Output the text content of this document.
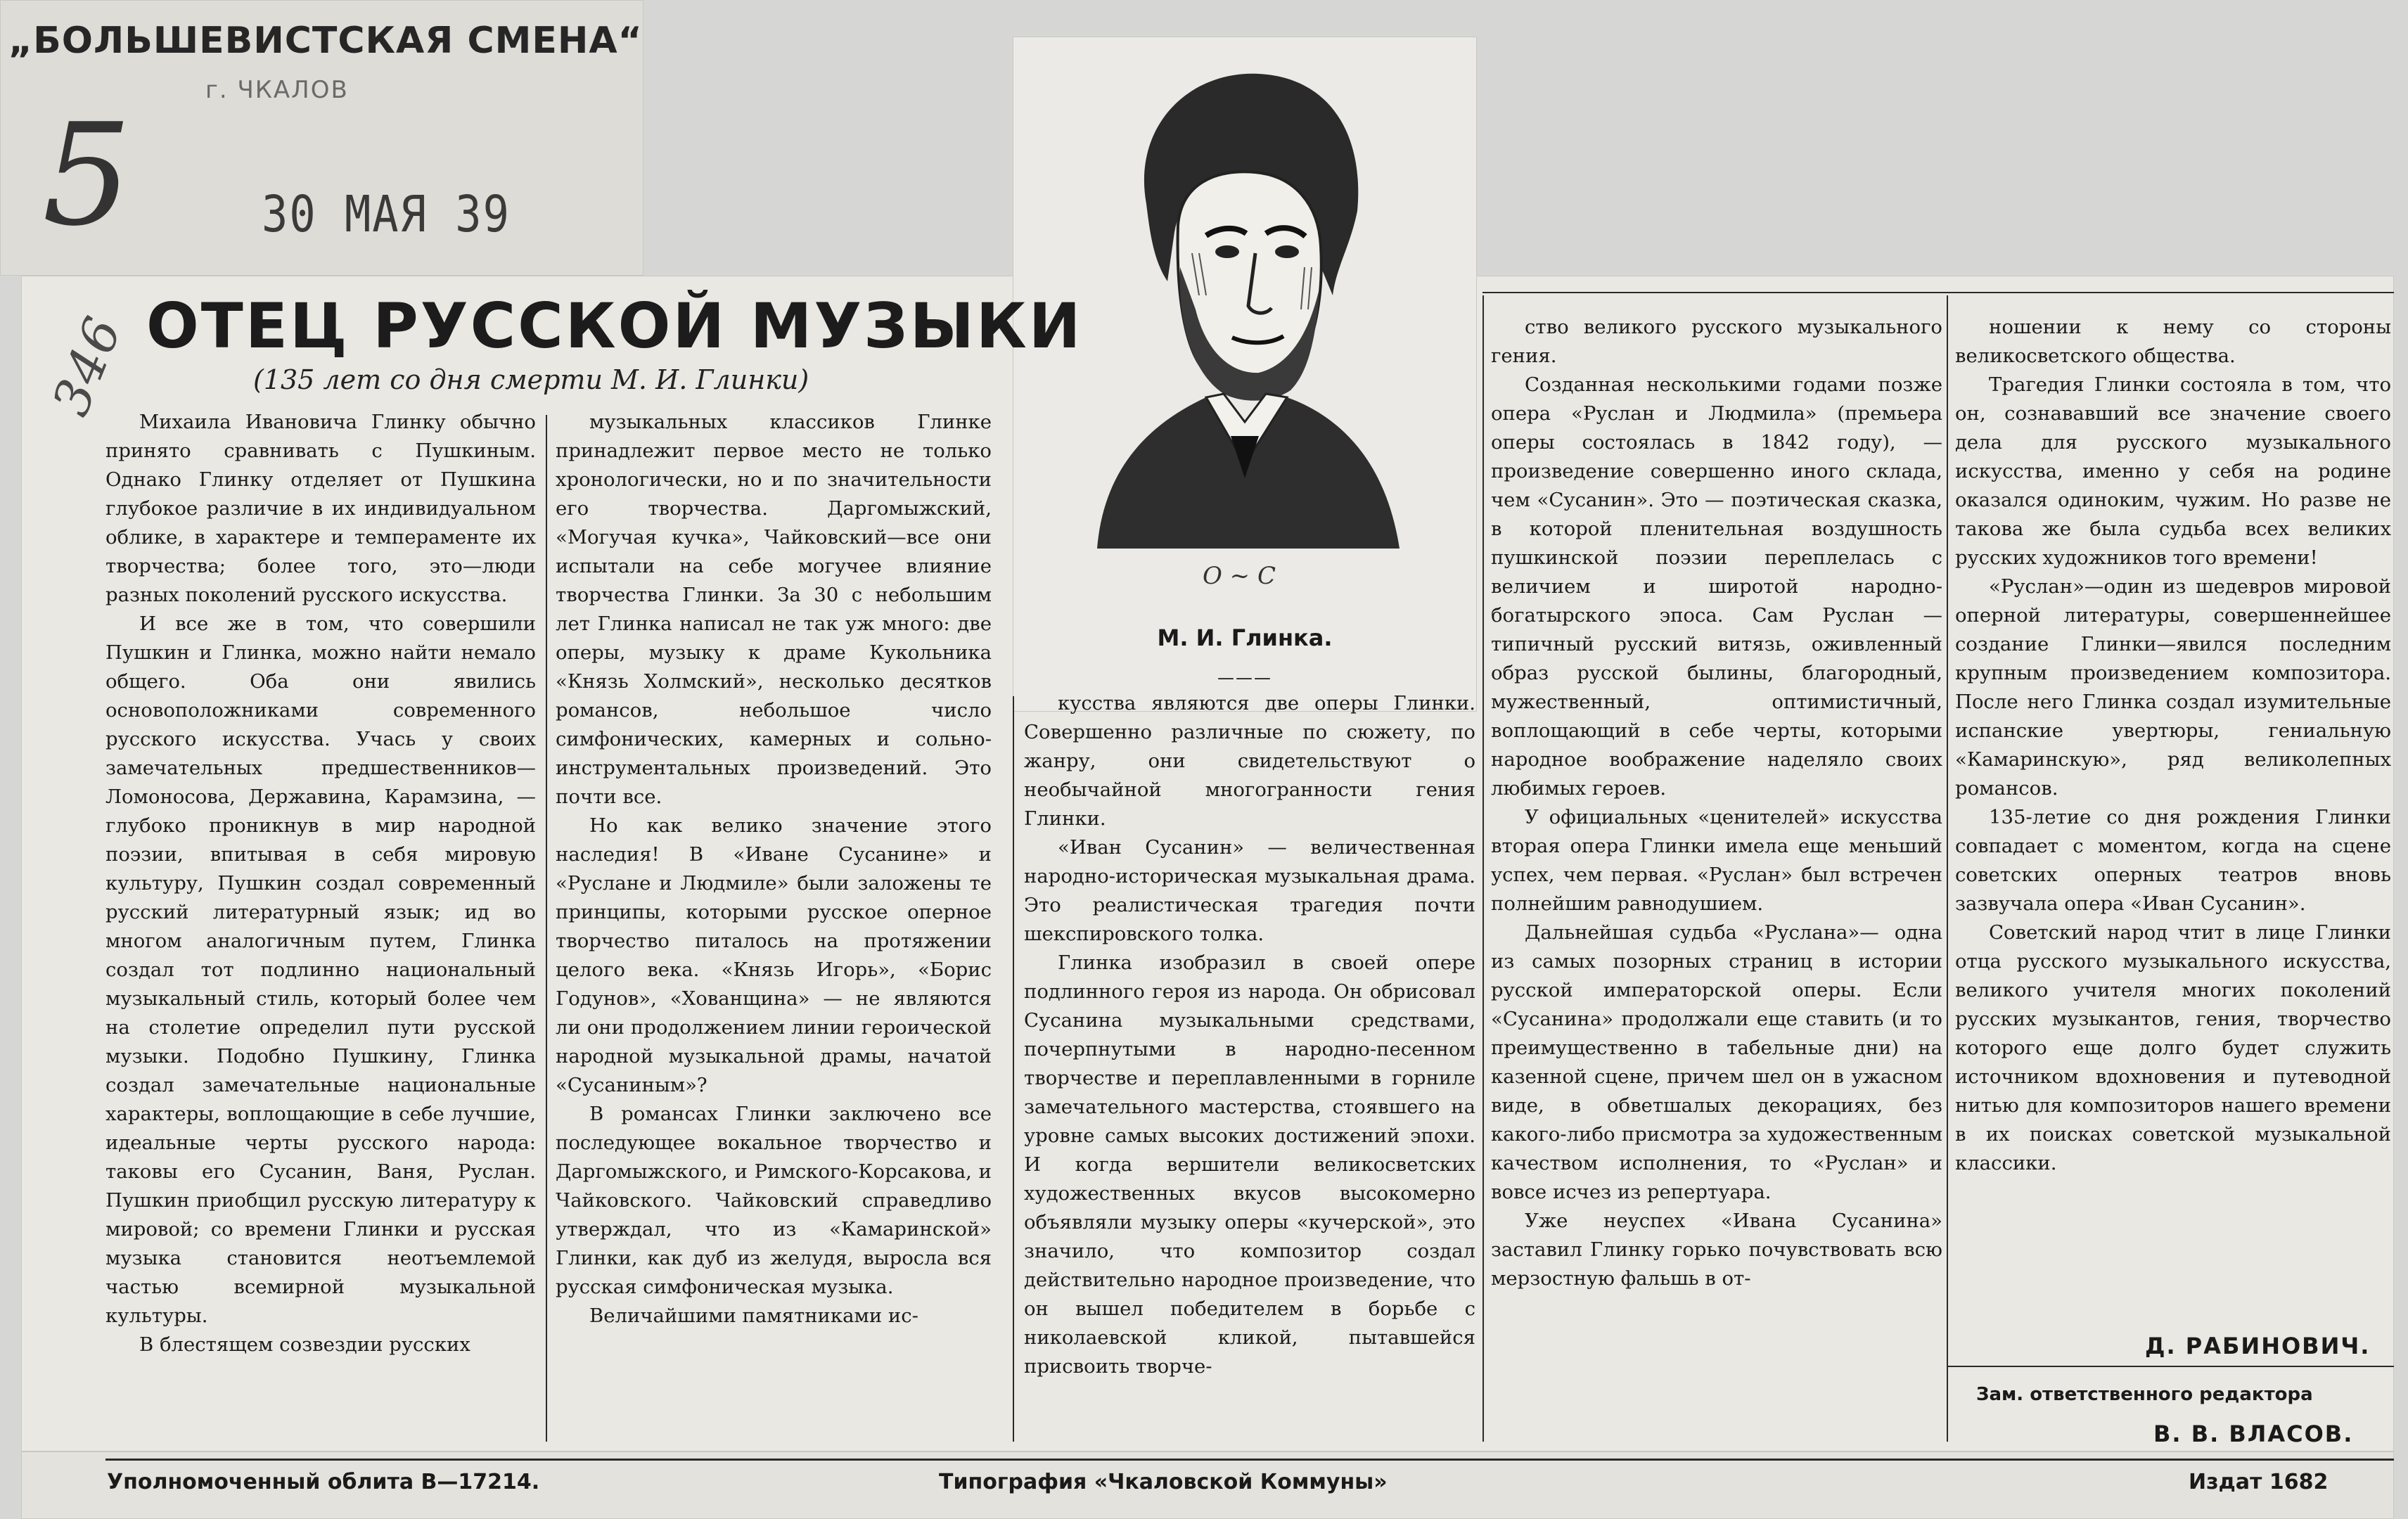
„БОЛЬШЕВИСТСКАЯ СМЕНА“
г. ЧКАЛОВ
5	30 МАЯ 39
346 ОТЕЦ РУССКОЙ МУЗЫКИ
(135 лет со дня смерти М. И. Глинки)
O ~ C
М. И. Глинка.
———

Михаила Ивановича Глинку обычно принято сравнивать с Пушкиным. Однако Глинку отделяет от Пушкина глубокое различие в их индивидуальном облике, в характере и темпераменте их творчества; более того, это—люди разных поколений русского искусства.

И все же в том, что совершили Пушкин и Глинка, можно найти немало общего. Оба они явились основоположниками современного русского искусства. Учась у своих замечательных предшественников—Ломоносова, Державина, Карамзина, — глубоко проникнув в мир народной поэзии, впитывая в себя мировую культуру, Пушкин создал современный русский литературный язык; ид во многом аналогичным путем, Глинка создал тот подлинно национальный музыкальный стиль, который более чем на столетие определил пути русской музыки. Подобно Пушкину, Глинка создал замечательные национальные характеры, воплощающие в себе лучшие, идеальные черты русского народа: таковы его Сусанин, Ваня, Руслан. Пушкин приобщил русскую литературу к мировой; со времени Глинки и русская музыка становится неотъемлемой частью всемирной музыкальной культуры.

В блестящем созвездии русских

музыкальных классиков Глинке принадлежит первое место не только хронологически, но и по значительности его творчества. Даргомыжский, «Могучая кучка», Чайковский—все они испытали на себе могучее влияние творчества Глинки. За 30 с небольшим лет Глинка написал не так уж много: две оперы, музыку к драме Кукольника «Князь Холмский», несколько десятков романсов, небольшое число симфонических, камерных и сольно-инструментальных произведений. Это почти все.

Но как велико значение этого наследия! В «Иване Сусанине» и «Руслане и Людмиле» были заложены те принципы, которыми русское оперное творчество питалось на протяжении целого века. «Князь Игорь», «Борис Годунов», «Хованщина» — не являются ли они продолжением линии героической народной музыкальной драмы, начатой «Сусаниным»?

В романсах Глинки заключено все последующее вокальное творчество и Даргомыжского, и Римского-Корсакова, и Чайковского. Чайковский справедливо утверждал, что из «Камаринской» Глинки, как дуб из желудя, выросла вся русская симфоническая музыка.

Величайшими памятниками ис-

кусства являются две оперы Глинки. Совершенно различные по сюжету, по жанру, они свидетельствуют о необычайной многогранности гения Глинки.

«Иван Сусанин» — величественная народно-историческая музыкальная драма. Это реалистическая трагедия почти шекспировского толка.

Глинка изобразил в своей опере подлинного героя из народа. Он обрисовал Сусанина музыкальными средствами, почерпнутыми в народно-песенном творчестве и переплавленными в горниле замечательного мастерства, стоявшего на уровне самых высоких достижений эпохи. И когда вершители великосветских художественных вкусов высокомерно объявляли музыку оперы «кучерской», это значило, что композитор создал действительно народное произведение, что он вышел победителем в борьбе с николаевской кликой, пытавшейся присвоить творче-

ство великого русского музыкального гения.

Созданная несколькими годами позже опера «Руслан и Людмила» (премьера оперы состоялась в 1842 году), — произведение совершенно иного склада, чем «Сусанин». Это — поэтическая сказка, в которой пленительная воздушность пушкинской поэзии переплелась с величием и широтой народно-богатырского эпоса. Сам Руслан — типичный русский витязь, оживленный образ русской былины, благородный, мужественный, оптимистичный, воплощающий в себе черты, которыми народное воображение наделяло своих любимых героев.

У официальных «ценителей» искусства вторая опера Глинки имела еще меньший успех, чем первая. «Руслан» был встречен полнейшим равнодушием.

Дальнейшая судьба «Руслана»— одна из самых позорных страниц в истории русской императорской оперы. Если «Сусанина» продолжали еще ставить (и то преимущественно в табельные дни) на казенной сцене, причем шел он в ужасном виде, в обветшалых декорациях, без какого-либо присмотра за художественным качеством исполнения, то «Руслан» и вовсе исчез из репертуара.

Уже неуспех «Ивана Сусанина» заставил Глинку горько почувствовать всю мерзостную фальшь в от-

ношении к нему со стороны великосветского общества.

Трагедия Глинки состояла в том, что он, сознававший все значение своего дела для русского музыкального искусства, именно у себя на родине оказался одиноким, чужим. Но разве не такова же была судьба всех великих русских художников того времени!

«Руслан»—один из шедевров мировой оперной литературы, совершеннейшее создание Глинки—явился последним крупным произведением композитора. После него Глинка создал изумительные испанские увертюры, гениальную «Камаринскую», ряд великолепных романсов.

135-летие со дня рождения Глинки совпадает с моментом, когда на сцене советских оперных театров вновь зазвучала опера «Иван Сусанин».

Советский народ чтит в лице Глинки отца русского музыкального искусства, великого учителя многих поколений русских музыкантов, гения, творчество которого еще долго будет служить источником вдохновения и путеводной нитью для композиторов нашего времени в их поисках советской музыкальной классики.

Д. РАБИНОВИЧ.
Зам. ответственного редактора
В. В. ВЛАСОВ.
Уполномоченный облита В—17214.	Типография «Чкаловской Коммуны»	Издат 1682
